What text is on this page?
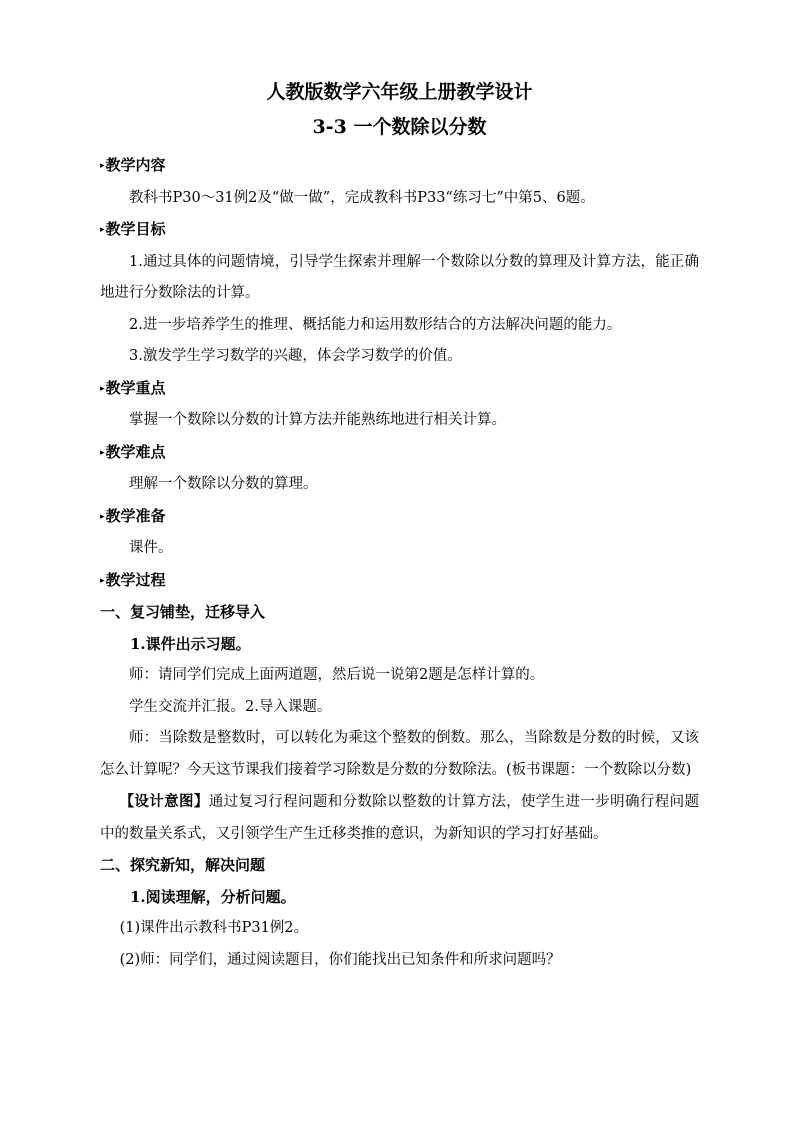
人教版数学六年级上册教学设计

3-3 一个数除以分数

▸教学内容

教科书P30～31例2及“做一做”，完成教科书P33“练习七”中第5、6题。

▸教学目标

1.通过具体的问题情境，引导学生探索并理解一个数除以分数的算理及计算方法，能正确地进行分数除法的计算。

2.进一步培养学生的推理、概括能力和运用数形结合的方法解决问题的能力。

3.激发学生学习数学的兴趣，体会学习数学的价值。

▸教学重点

掌握一个数除以分数的计算方法并能熟练地进行相关计算。

▸教学难点

理解一个数除以分数的算理。

▸教学准备

课件。

▸教学过程

一、复习铺垫，迁移导入

1.课件出示习题。

师：请同学们完成上面两道题，然后说一说第2题是怎样计算的。

学生交流并汇报。2.导入课题。

师：当除数是整数时，可以转化为乘这个整数的倒数。那么，当除数是分数的时候，又该怎么计算呢？今天这节课我们接着学习除数是分数的分数除法。(板书课题：一个数除以分数)

【设计意图】通过复习行程问题和分数除以整数的计算方法，使学生进一步明确行程问题中的数量关系式，又引领学生产生迁移类推的意识，为新知识的学习打好基础。

二、探究新知，解决问题

1.阅读理解，分析问题。

(1)课件出示教科书P31例2。

(2)师：同学们，通过阅读题目，你们能找出已知条件和所求问题吗？
